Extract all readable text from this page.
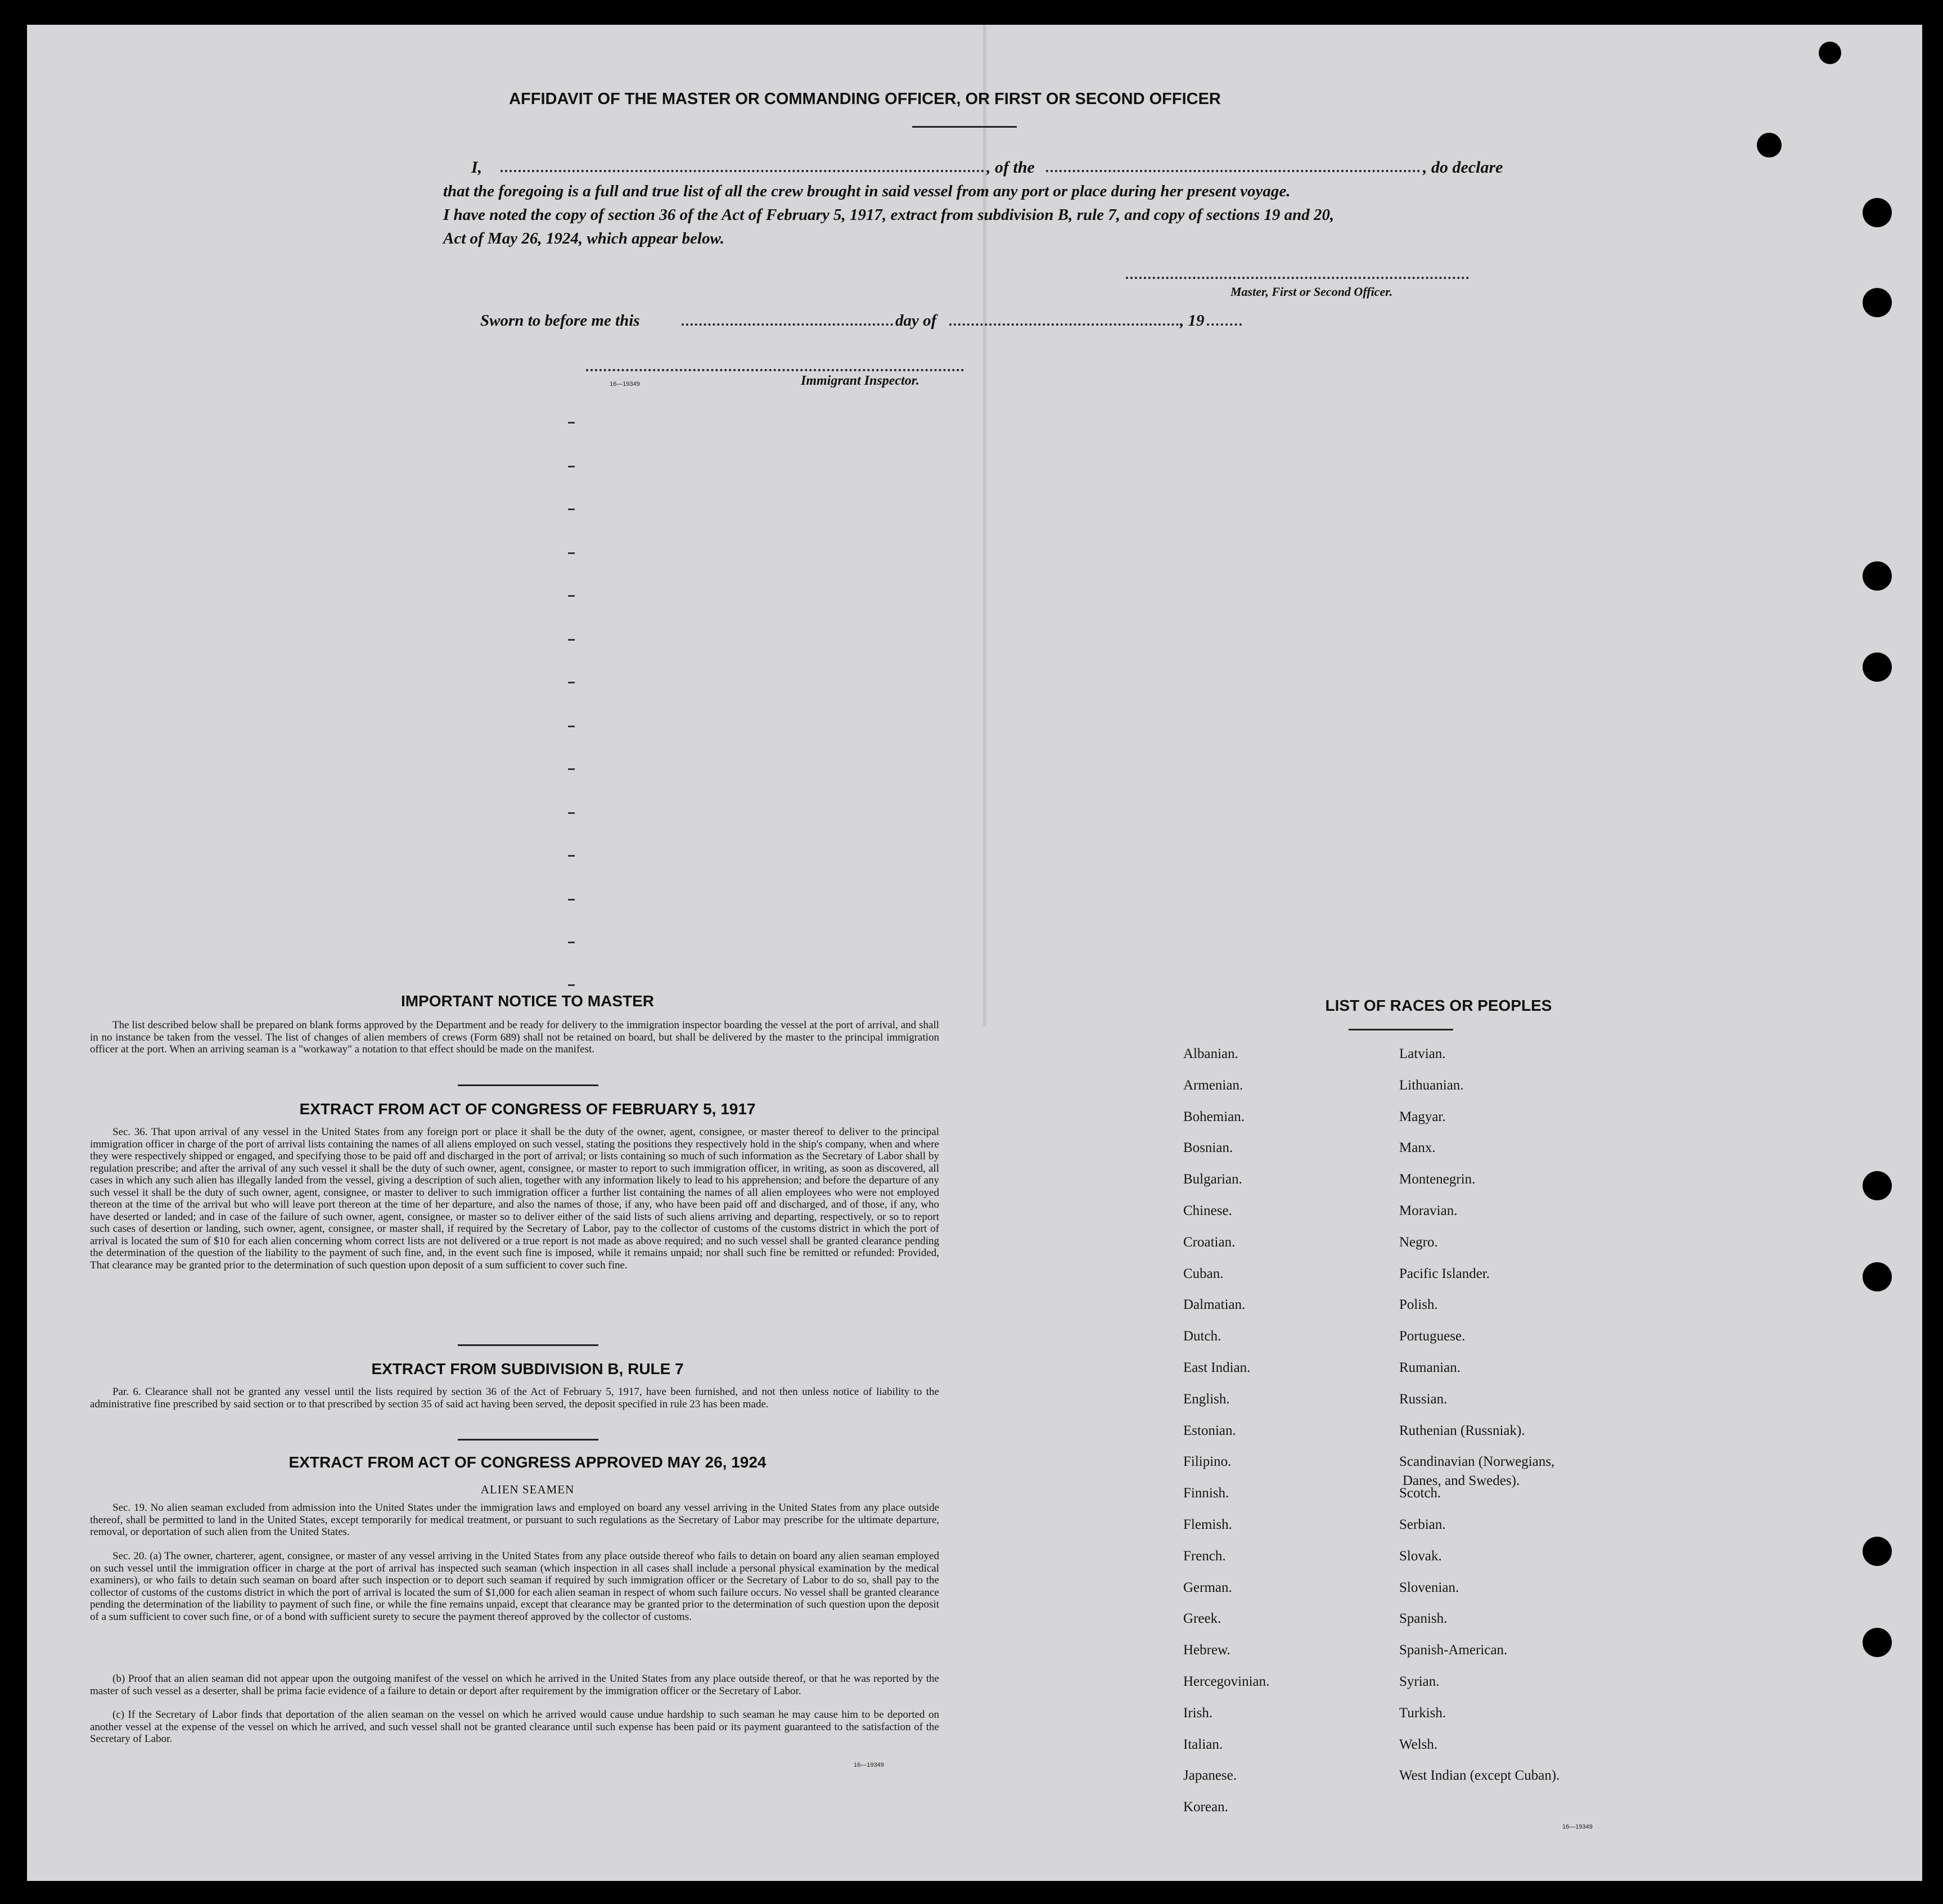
AFFIDAVIT OF THE MASTER OR COMMANDING OFFICER, OR FIRST OR SECOND OFFICER
I,	, of the	, do declare
that the foregoing is a full and true list of all the crew brought in said vessel from any port or place during her present voyage.
I have noted the copy of section 36 of the Act of February 5, 1917, extract from subdivision B, rule 7, and copy of sections 19 and 20,
Act of May 26, 1924, which appear below.
Master, First or Second Officer.
Sworn to before me this	day of	, 19
16—19349	Immigrant Inspector.
IMPORTANT NOTICE TO MASTER
The list described below shall be prepared on blank forms approved by the Department and be ready for delivery to the immigration inspector boarding the vessel at the port of arrival, and shall in no instance be taken from the vessel. The list of changes of alien members of crews (Form 689) shall not be retained on board, but shall be delivered by the master to the principal immigration officer at the port. When an arriving seaman is a "workaway" a notation to that effect should be made on the manifest.
EXTRACT FROM ACT OF CONGRESS OF FEBRUARY 5, 1917
Sec. 36. That upon arrival of any vessel in the United States from any foreign port or place it shall be the duty of the owner, agent, consignee, or master thereof to deliver to the principal immigration officer in charge of the port of arrival lists containing the names of all aliens employed on such vessel, stating the positions they respectively hold in the ship's company, when and where they were respectively shipped or engaged, and specifying those to be paid off and discharged in the port of arrival; or lists containing so much of such information as the Secretary of Labor shall by regulation prescribe; and after the arrival of any such vessel it shall be the duty of such owner, agent, consignee, or master to report to such immigration officer, in writing, as soon as discovered, all cases in which any such alien has illegally landed from the vessel, giving a description of such alien, together with any information likely to lead to his apprehension; and before the departure of any such vessel it shall be the duty of such owner, agent, consignee, or master to deliver to such immigration officer a further list containing the names of all alien employees who were not employed thereon at the time of the arrival but who will leave port thereon at the time of her departure, and also the names of those, if any, who have been paid off and discharged, and of those, if any, who have deserted or landed; and in case of the failure of such owner, agent, consignee, or master so to deliver either of the said lists of such aliens arriving and departing, respectively, or so to report such cases of desertion or landing, such owner, agent, consignee, or master shall, if required by the Secretary of Labor, pay to the collector of customs of the customs district in which the port of arrival is located the sum of $10 for each alien concerning whom correct lists are not delivered or a true report is not made as above required; and no such vessel shall be granted clearance pending the determination of the question of the liability to the payment of such fine, and, in the event such fine is imposed, while it remains unpaid; nor shall such fine be remitted or refunded: Provided, That clearance may be granted prior to the determination of such question upon deposit of a sum sufficient to cover such fine.
EXTRACT FROM SUBDIVISION B, RULE 7
Par. 6. Clearance shall not be granted any vessel until the lists required by section 36 of the Act of February 5, 1917, have been furnished, and not then unless notice of liability to the administrative fine prescribed by said section or to that prescribed by section 35 of said act having been served, the deposit specified in rule 23 has been made.
EXTRACT FROM ACT OF CONGRESS APPROVED MAY 26, 1924
ALIEN SEAMEN
Sec. 19. No alien seaman excluded from admission into the United States under the immigration laws and employed on board any vessel arriving in the United States from any place outside thereof, shall be permitted to land in the United States, except temporarily for medical treatment, or pursuant to such regulations as the Secretary of Labor may prescribe for the ultimate departure, removal, or deportation of such alien from the United States.
Sec. 20. (a) The owner, charterer, agent, consignee, or master of any vessel arriving in the United States from any place outside thereof who fails to detain on board any alien seaman employed on such vessel until the immigration officer in charge at the port of arrival has inspected such seaman (which inspection in all cases shall include a personal physical examination by the medical examiners), or who fails to detain such seaman on board after such inspection or to deport such seaman if required by such immigration officer or the Secretary of Labor to do so, shall pay to the collector of customs of the customs district in which the port of arrival is located the sum of $1,000 for each alien seaman in respect of whom such failure occurs. No vessel shall be granted clearance pending the determination of the liability to payment of such fine, or while the fine remains unpaid, except that clearance may be granted prior to the determination of such question upon the deposit of a sum sufficient to cover such fine, or of a bond with sufficient surety to secure the payment thereof approved by the collector of customs.
(b) Proof that an alien seaman did not appear upon the outgoing manifest of the vessel on which he arrived in the United States from any place outside thereof, or that he was reported by the master of such vessel as a deserter, shall be prima facie evidence of a failure to detain or deport after requirement by the immigration officer or the Secretary of Labor.
(c) If the Secretary of Labor finds that deportation of the alien seaman on the vessel on which he arrived would cause undue hardship to such seaman he may cause him to be deported on another vessel at the expense of the vessel on which he arrived, and such vessel shall not be granted clearance until such expense has been paid or its payment guaranteed to the satisfaction of the Secretary of Labor.
16—19349
LIST OF RACES OR PEOPLES
16—19349
Albanian.
Armenian.
Bohemian.
Bosnian.
Bulgarian.
Chinese.
Croatian.
Cuban.
Dalmatian.
Dutch.
East Indian.
English.
Estonian.
Filipino.
Finnish.
Flemish.
French.
German.
Greek.
Hebrew.
Hercegovinian.
Irish.
Italian.
Japanese.
Korean.
Latvian.
Lithuanian.
Magyar.
Manx.
Montenegrin.
Moravian.
Negro.
Pacific Islander.
Polish.
Portuguese.
Rumanian.
Russian.
Ruthenian (Russniak).
Scandinavian (Norwegians,
Danes, and Swedes).
Scotch.
Serbian.
Slovak.
Slovenian.
Spanish.
Spanish-American.
Syrian.
Turkish.
Welsh.
West Indian (except Cuban).
